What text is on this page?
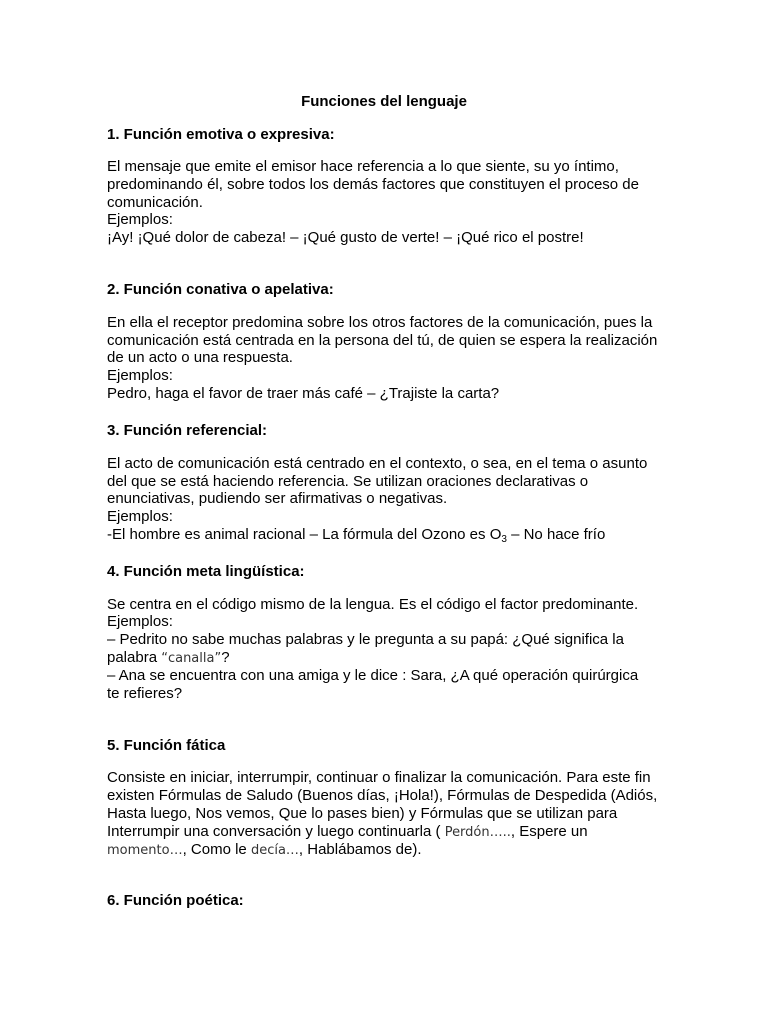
Funciones del lenguaje
1. Función emotiva o expresiva:
El mensaje que emite el emisor hace referencia a lo que siente, su yo íntimo,
predominando él, sobre todos los demás factores que constituyen el proceso de
comunicación.
Ejemplos:
¡Ay! ¡Qué dolor de cabeza! – ¡Qué gusto de verte! – ¡Qué rico el postre!
2. Función conativa o apelativa:
En ella el receptor predomina sobre los otros factores de la comunicación, pues la
comunicación está centrada en la persona del tú, de quien se espera la realización
de un acto o una respuesta.
Ejemplos:
Pedro, haga el favor de traer más café – ¿Trajiste la carta?
3. Función referencial:
El acto de comunicación está centrado en el contexto, o sea, en el tema o asunto
del que se está haciendo referencia. Se utilizan oraciones declarativas o
enunciativas, pudiendo ser afirmativas o negativas.
Ejemplos:
-El hombre es animal racional – La fórmula del Ozono es $O_3$ – No hace frío
4. Función meta lingüística:
Se centra en el código mismo de la lengua. Es el código el factor predominante.
Ejemplos:
– Pedrito no sabe muchas palabras y le pregunta a su papá: ¿Qué significa la
palabra “canalla”?
– Ana se encuentra con una amiga y le dice : Sara, ¿A qué operación quirúrgica
te refieres?
5. Función fática
Consiste en iniciar, interrumpir, continuar o finalizar la comunicación. Para este fin
existen Fórmulas de Saludo (Buenos días, ¡Hola!), Fórmulas de Despedida (Adiós,
Hasta luego, Nos vemos, Que lo pases bien) y Fórmulas que se utilizan para
Interrumpir una conversación y luego continuarla ( Perdón….., Espere un
momento…, Como le decía…, Hablábamos de).
6. Función poética:
